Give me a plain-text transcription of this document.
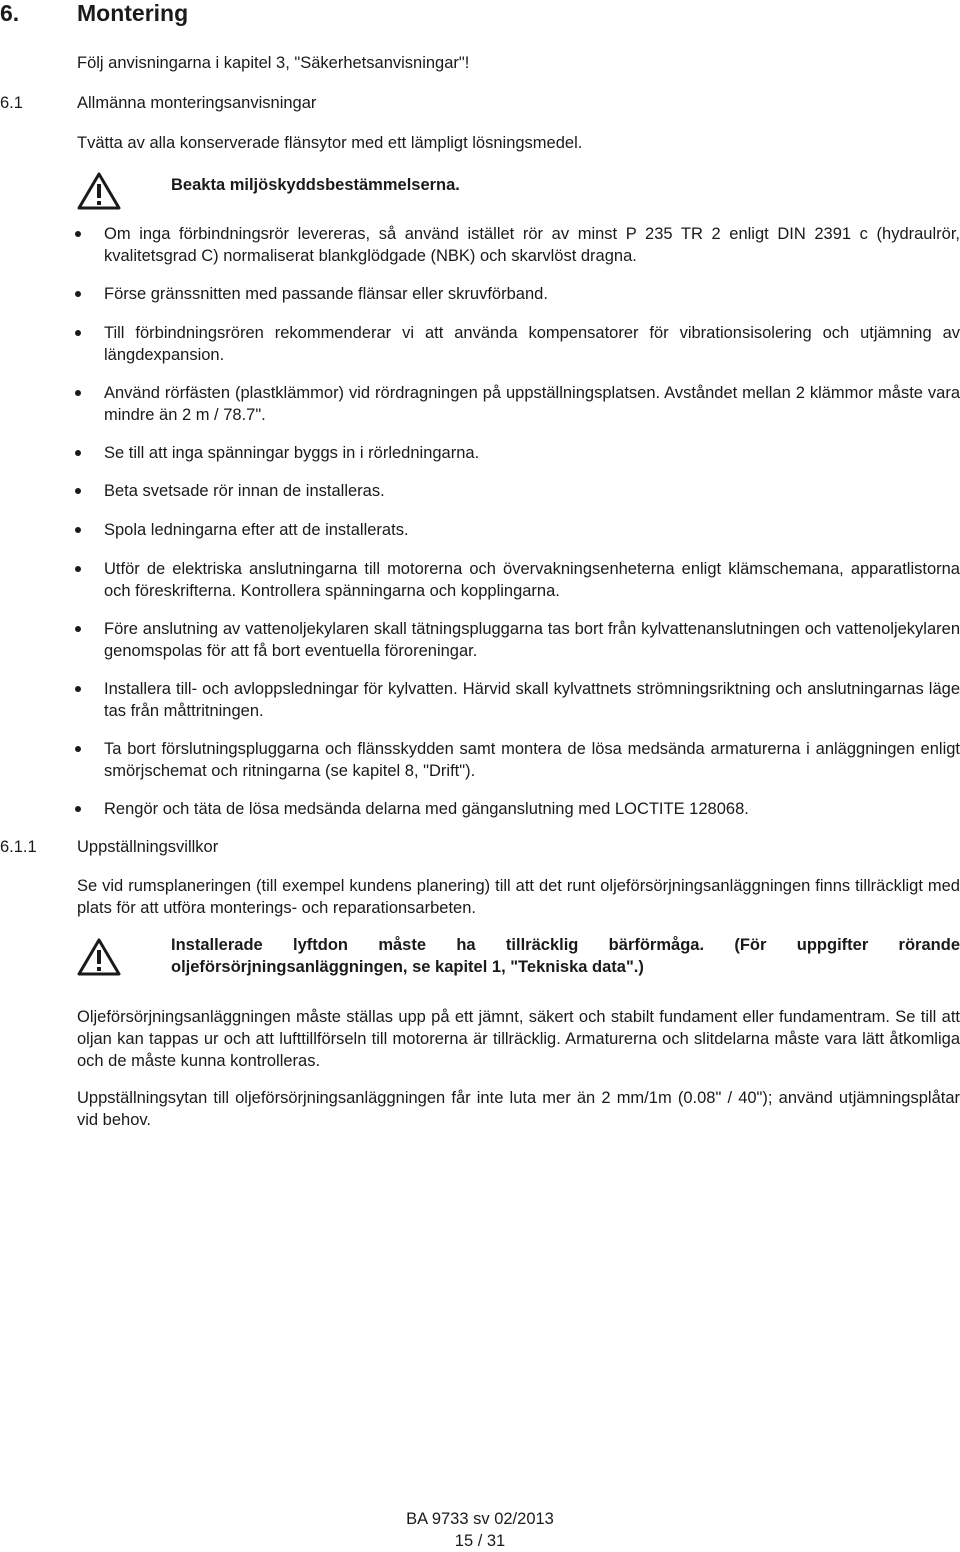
6.	Montering
Följ anvisningarna i kapitel 3, "Säkerhetsanvisningar"!
6.1	Allmänna monteringsanvisningar
Tvätta av alla konserverade flänsytor med ett lämpligt lösningsmedel.
Beakta miljöskyddsbestämmelserna.
Om inga förbindningsrör levereras, så använd istället rör av minst P 235 TR 2 enligt DIN 2391 c (hydraulrör, kvalitetsgrad C) normaliserat blankglödgade (NBK) och skarvlöst dragna.
Förse gränssnitten med passande flänsar eller skruvförband.
Till förbindningsrören rekommenderar vi att använda kompensatorer för vibrationsisolering och utjämning av längdexpansion.
Använd rörfästen (plastklämmor) vid rördragningen på uppställningsplatsen. Avståndet mellan 2 klämmor måste vara mindre än 2 m / 78.7".
Se till att inga spänningar byggs in i rörledningarna.
Beta svetsade rör innan de installeras.
Spola ledningarna efter att de installerats.
Utför de elektriska anslutningarna till motorerna och övervakningsenheterna enligt klämschemana, apparatlistorna och föreskrifterna. Kontrollera spänningarna och kopplingarna.
Före anslutning av vattenoljekylaren skall tätningspluggarna tas bort från kylvattenanslutningen och vattenoljekylaren genomspolas för att få bort eventuella föroreningar.
Installera till- och avloppsledningar för kylvatten. Härvid skall kylvattnets strömningsriktning och anslutningarnas läge tas från måttritningen.
Ta bort förslutningspluggarna och flänsskydden samt montera de lösa medsända armaturerna i anläggningen enligt smörjschemat och ritningarna (se kapitel 8, "Drift").
Rengör och täta de lösa medsända delarna med gänganslutning med LOCTITE 128068.
6.1.1 Uppställningsvillkor
Se vid rumsplaneringen (till exempel kundens planering) till att det runt oljeförsörjningsanläggningen finns tillräckligt med plats för att utföra monterings- och reparationsarbeten.
Installerade lyftdon måste ha tillräcklig bärförmåga. (För uppgifter rörande oljeförsörjningsanläggningen, se kapitel 1, "Tekniska data".)
Oljeförsörjningsanläggningen måste ställas upp på ett jämnt, säkert och stabilt fundament eller fundamentram. Se till att oljan kan tappas ur och att lufttillförseln till motorerna är tillräcklig. Armaturerna och slitdelarna måste vara lätt åtkomliga och de måste kunna kontrolleras.
Uppställningsytan till oljeförsörjningsanläggningen får inte luta mer än 2 mm/1m (0.08" / 40"); använd utjämningsplåtar vid behov.
BA 9733 sv 02/2013
15 / 31
